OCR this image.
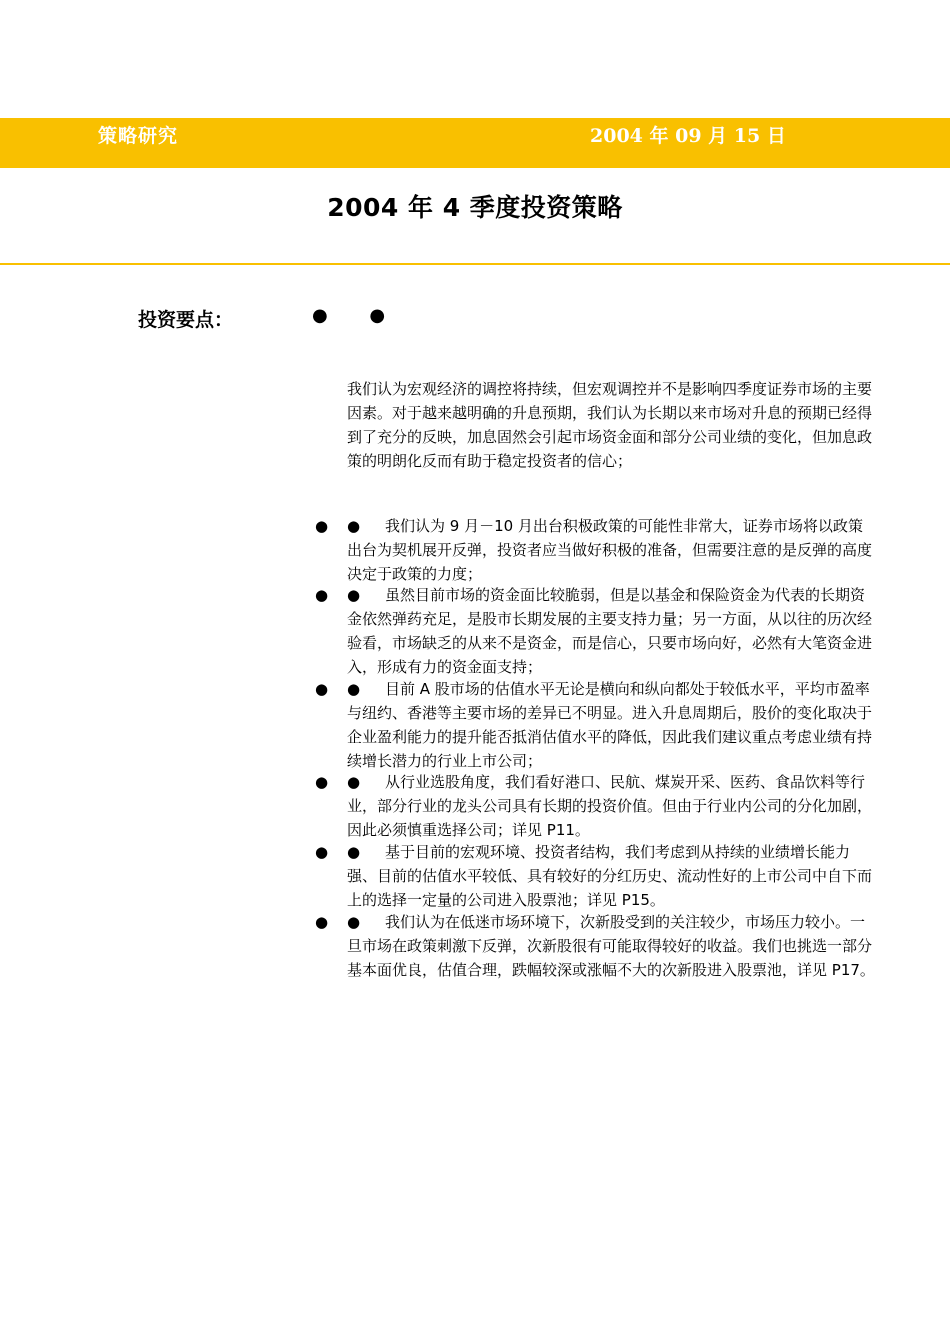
策略研究	2004 年 09 月 15 日
2004 年 4 季度投资策略
投资要点：	● ●

我们认为宏观经济的调控将持续，但宏观调控并不是影响四季度证券市场的主要因素。对于越来越明确的升息预期，我们认为长期以来市场对升息的预期已经得到了充分的反映，加息固然会引起市场资金面和部分公司业绩的变化，但加息政策的明朗化反而有助于稳定投资者的信心；

● ● 我们认为 9 月－10 月出台积极政策的可能性非常大，证券市场将以政策出台为契机展开反弹，投资者应当做好积极的准备，但需要注意的是反弹的高度决定于政策的力度；

● ● 虽然目前市场的资金面比较脆弱，但是以基金和保险资金为代表的长期资金依然弹药充足，是股市长期发展的主要支持力量；另一方面，从以往的历次经验看，市场缺乏的从来不是资金，而是信心，只要市场向好，必然有大笔资金进入，形成有力的资金面支持；

● ● 目前 A 股市场的估值水平无论是横向和纵向都处于较低水平，平均市盈率与纽约、香港等主要市场的差异已不明显。进入升息周期后，股价的变化取决于企业盈利能力的提升能否抵消估值水平的降低，因此我们建议重点考虑业绩有持续增长潜力的行业上市公司；

● ● 从行业选股角度，我们看好港口、民航、煤炭开采、医药、食品饮料等行业，部分行业的龙头公司具有长期的投资价值。但由于行业内公司的分化加剧，因此必须慎重选择公司；详见 P11。

● ● 基于目前的宏观环境、投资者结构，我们考虑到从持续的业绩增长能力强、目前的估值水平较低、具有较好的分红历史、流动性好的上市公司中自下而上的选择一定量的公司进入股票池；详见 P15。

● ● 我们认为在低迷市场环境下，次新股受到的关注较少，市场压力较小。一旦市场在政策刺激下反弹，次新股很有可能取得较好的收益。我们也挑选一部分基本面优良，估值合理，跌幅较深或涨幅不大的次新股进入股票池，详见 P17。
